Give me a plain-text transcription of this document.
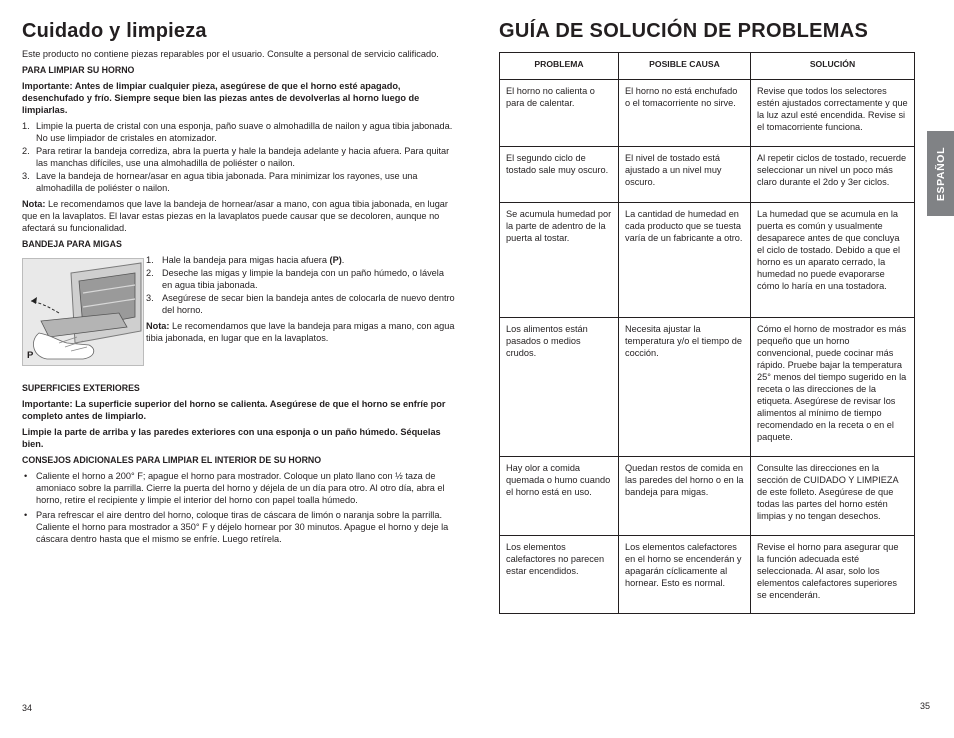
Cuidado y limpieza

Este producto no contiene piezas reparables por el usuario. Consulte a personal de servicio calificado.

PARA LIMPIAR SU HORNO

Importante: Antes de limpiar cualquier pieza, asegúrese de que el horno esté apagado, desenchufado y frío. Siempre seque bien las piezas antes de devolverlas al horno luego de limpiarlas.

1. Limpie la puerta de cristal con una esponja, paño suave o almohadilla de nailon y agua tibia jabonada. No use limpiador de cristales en atomizador.
2. Para retirar la bandeja corrediza, abra la puerta y hale la bandeja adelante y hacia afuera. Para quitar las manchas difíciles, use una almohadilla de poliéster o nailon.
3. Lave la bandeja de hornear/asar en agua tibia jabonada. Para minimizar los rayones, use una almohadilla de poliéster o nailon.

Nota: Le recomendamos que lave la bandeja de hornear/asar a mano, con agua tibia jabonada, en lugar que en la lavaplatos. El lavar estas piezas en la lavaplatos puede causar que se decoloren, aunque no afectará su funcionalidad.

BANDEJA PARA MIGAS

P
1. Hale la bandeja para migas hacia afuera (P).
2. Deseche las migas y limpie la bandeja con un paño húmedo, o lávela en agua tibia jabonada.
3. Asegúrese de secar bien la bandeja antes de colocarla de nuevo dentro del horno.

Nota: Le recomendamos que lave la bandeja para migas a mano, con agua tibia jabonada, en lugar que en la lavaplatos.

SUPERFICIES EXTERIORES

Importante: La superficie superior del horno se calienta. Asegúrese de que el horno se enfríe por completo antes de limpiarlo.

Limpie la parte de arriba y las paredes exteriores con una esponja o un paño húmedo. Séquelas bien.

CONSEJOS ADICIONALES PARA LIMPIAR EL INTERIOR DE SU HORNO

• Caliente el horno a 200° F; apague el horno para mostrador. Coloque un plato llano con ½ taza de amoniaco sobre la parrilla. Cierre la puerta del horno y déjela de un día para otro. Al otro día, abra el horno, retire el recipiente y limpie el interior del horno con papel toalla húmedo.
• Para refrescar el aire dentro del horno, coloque tiras de cáscara de limón o naranja sobre la parrilla. Caliente el horno para mostrador a 350° F y déjelo hornear por 30 minutos. Apague el horno y deje la cáscara dentro hasta que el mismo se enfríe. Luego retírela.
GUÍA DE SOLUCIÓN DE PROBLEMAS
PROBLEMA	POSIBLE CAUSA	SOLUCIÓN
El horno no calienta o para de calentar.	El horno no está enchufado o el tomacorriente no sirve.	Revise que todos los selectores estén ajustados correctamente y que la luz azul esté encendida. Revise si el tomacorriente funciona.
El segundo ciclo de tostado sale muy oscuro.	El nivel de tostado está ajustado a un nivel muy oscuro.	Al repetir ciclos de tostado, recuerde seleccionar un nivel un poco más claro durante el 2do y 3er ciclos.
Se acumula humedad por la parte de adentro de la puerta al tostar.	La cantidad de humedad en cada producto que se tuesta varía de un fabricante a otro.	La humedad que se acumula en la puerta es común y usualmente desaparece antes de que concluya el ciclo de tostado. Debido a que el horno es un aparato cerrado, la humedad no puede evaporarse cómo lo haría en una tostadora.
Los alimentos están pasados o medios crudos.	Necesita ajustar la temperatura y/o el tiempo de cocción.	Cómo el horno de mostrador es más pequeño que un horno convencional, puede cocinar más rápido. Pruebe bajar la temperatura 25° menos del tiempo sugerido en la receta o las direcciones de la etiqueta. Asegúrese de revisar los alimentos al mínimo de tiempo recomendado en la receta o en el paquete.
Hay olor a comida quemada o humo cuando el horno está en uso.	Quedan restos de comida en las paredes del horno o en la bandeja para migas.	Consulte las direcciones en la sección de CUIDADO Y LIMPIEZA de este folleto. Asegúrese de que todas las partes del horno estén limpias y no tengan desechos.
Los elementos calefactores no parecen estar encendidos.	Los elementos calefactores en el horno se encenderán y apagarán cíclicamente al hornear. Esto es normal.	Revise el horno para asegurar que la función adecuada esté seleccionada. Al asar, solo los elementos calefactores superiores se encenderán.
ESPAÑOL
34	35
